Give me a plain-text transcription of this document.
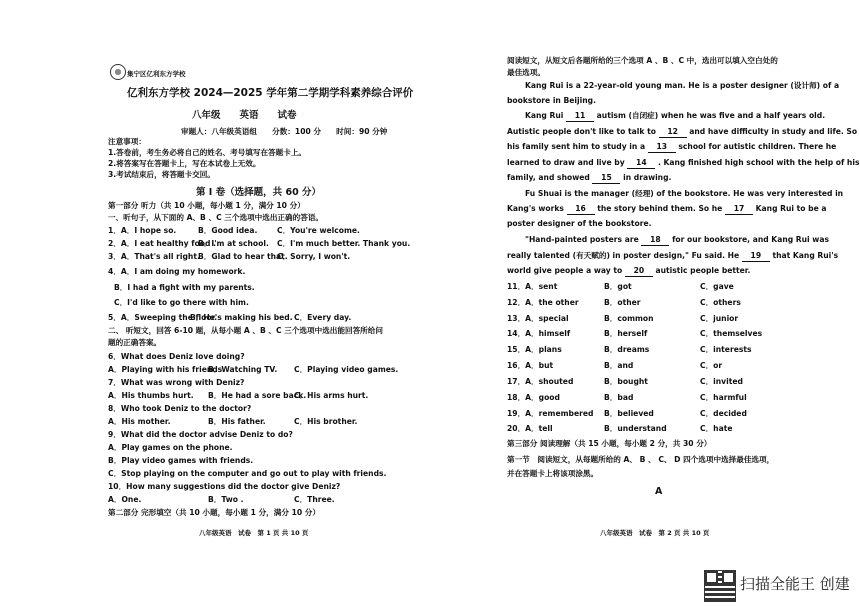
集宁区亿利东方学校
亿利东方学校 2024—2025 学年第二学期学科素养综合评价
八年级　　英语　　试卷
审题人：八年级英语组　　分数：100 分　　时间：90 分钟
注意事项：
1.答卷前，考生务必将自己的姓名、考号填写在答题卡上。
2.将答案写在答题卡上，写在本试卷上无效。
3.考试结束后，将答题卡交回。
第 I 卷（选择题，共 60 分）
第一部分 听力（共 10 小题，每小题 1 分，满分 10 分）
一、听句子，从下面的 A、B 、C 三个选项中选出正确的答语。
1．A．I hope so.	B．Good idea.	C．You're welcome.
2．A．I eat healthy food .
B．I'm at school. C．I'm much better. Thank you.
3．A．That's all right.
B．Glad to hear that.
C．Sorry, I won't.
4．A．I am doing my homework.
B．I had a fight with my parents.
C．I'd like to go there with him.
5．A．Sweeping the floor.
B．He's making his bed. C．Every day.
二、 听短文，回答 6-10 题，从每小题 A 、B 、C 三个选项中选出能回答所给问
题的正确答案。
6．What does Deniz love doing?
A．Playing with his friends.
B．Watching TV. C．Playing video games.
7．What was wrong with Deniz?
A．His thumbs hurt. B．He had a sore back.
C．His arms hurt.
8．Who took Deniz to the doctor?
A．His mother.	B．His father.	C．His brother.
9．What did the doctor advise Deniz to do?
A．Play games on the phone.
B．Play video games with friends.
C．Stop playing on the computer and go out to play with friends.
10．How many suggestions did the doctor give Deniz?
A．One.	B．Two .	C．Three.
第二部分 完形填空（共 10 小题，每小题 1 分，满分 10 分）
八年级英语　试卷　第 1 页 共 10 页
阅读短文，从短文后各题所给的三个选项 A 、B 、C 中，选出可以填入空白处的
最佳选项。
Kang Rui is a 22-year-old young man. He is a poster designer (设计师) of a
bookstore in Beijing.
Kang Rui 11 autism (自闭症) when he was five and a half years old.
Autistic people don't like to talk to 12 and have difficulty in study and life. So
his family sent him to study in a 13 school for autistic children. There he
learned to draw and live by 14 . Kang finished high school with the help of his
family, and showed 15 in drawing.
Fu Shuai is the manager (经理) of the bookstore. He was very interested in
Kang's works 16 the story behind them. So he 17 Kang Rui to be a
poster designer of the bookstore.
"Hand-painted posters are 18 for our bookstore, and Kang Rui was
really talented (有天赋的) in poster design," Fu said. He 19 that Kang Rui's
world give people a way to 20 autistic people better.
11．A．sent	B．got	C．gave
12．A．the other	B．other	C．others
13．A．special	B．common	C．junior
14．A．himself	B．herself	C．themselves
15．A．plans	B．dreams	C．interests
16．A．but	B．and	C．or
17．A．shouted	B．bought	C．invited
18．A．good	B．bad	C．harmful
19．A．remembered B．believed	C．decided
20．A．tell	B．understand	C．hate
第三部分 阅读理解（共 15 小题，每小题 2 分，共 30 分）
第一节　阅读短文，从每题所给的 A、 B 、 C、 D 四个选项中选择最佳选项，
并在答题卡上将该项涂黑。
A
八年级英语　试卷　第 2 页 共 10 页
扫描全能王 创建
